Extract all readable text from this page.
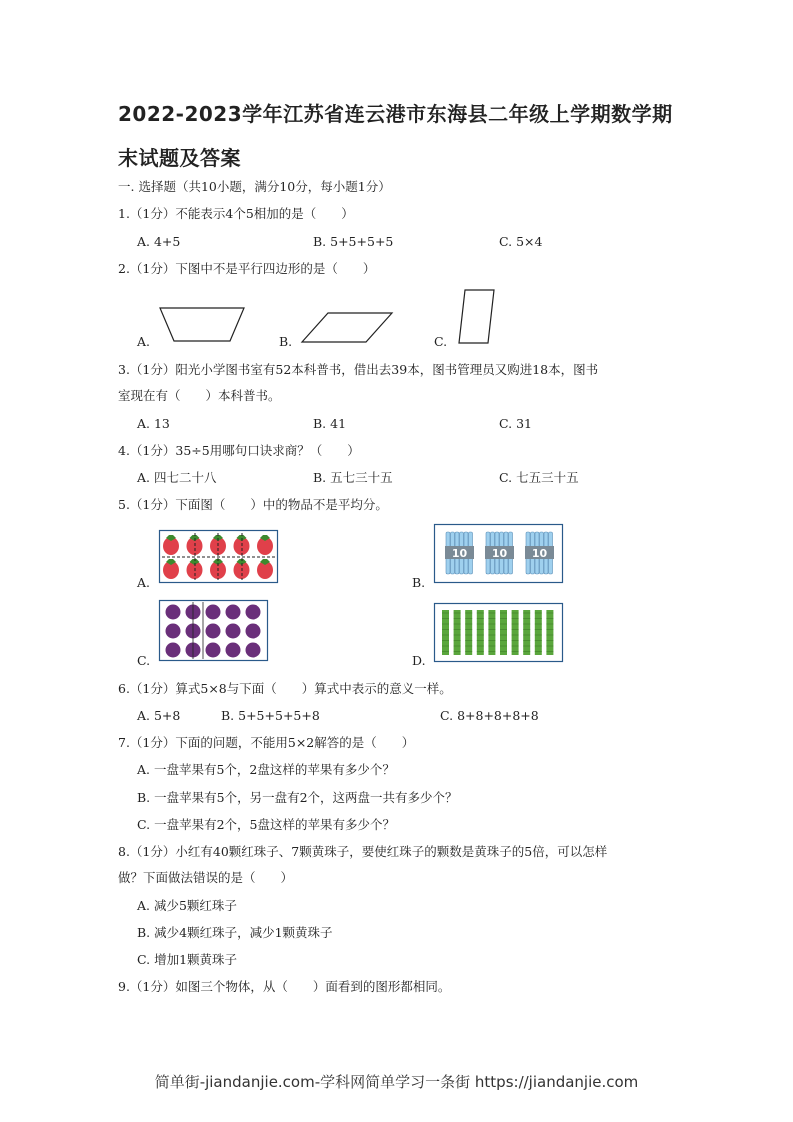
2022-2023学年江苏省连云港市东海县二年级上学期数学期末试题及答案
一. 选择题（共10小题，满分10分，每小题1分）
1.（1分）不能表示4个5相加的是（　　）
A. 4+5	B. 5+5+5+5	C. 5×4
2.（1分）下图中不是平行四边形的是（　　）
A.	B.	C.
3.（1分）阳光小学图书室有52本科普书，借出去39本，图书管理员又购进18本，图书
室现在有（　　）本科普书。
A. 13	B. 41	C. 31
4.（1分）35÷5用哪句口诀求商？（　　）
A. 四七二十八	B. 五七三十五	C. 七五三十五
5.（1分）下面图（　　）中的物品不是平均分。
A.	B.
C.	D.
10 10 10
6.（1分）算式5×8与下面（　　）算式中表示的意义一样。
A. 5+8	B. 5+5+5+5+8	C. 8+8+8+8+8
7.（1分）下面的问题，不能用5×2解答的是（　　）
A. 一盘苹果有5个，2盘这样的苹果有多少个？
B. 一盘苹果有5个，另一盘有2个，这两盘一共有多少个？
C. 一盘苹果有2个，5盘这样的苹果有多少个？
8.（1分）小红有40颗红珠子、7颗黄珠子，要使红珠子的颗数是黄珠子的5倍，可以怎样
做？下面做法错误的是（　　）
A. 减少5颗红珠子
B. 减少4颗红珠子，减少1颗黄珠子
C. 增加1颗黄珠子
9.（1分）如图三个物体，从（　　）面看到的图形都相同。
简单街-jiandanjie.com-学科网简单学习一条街 https://jiandanjie.com
